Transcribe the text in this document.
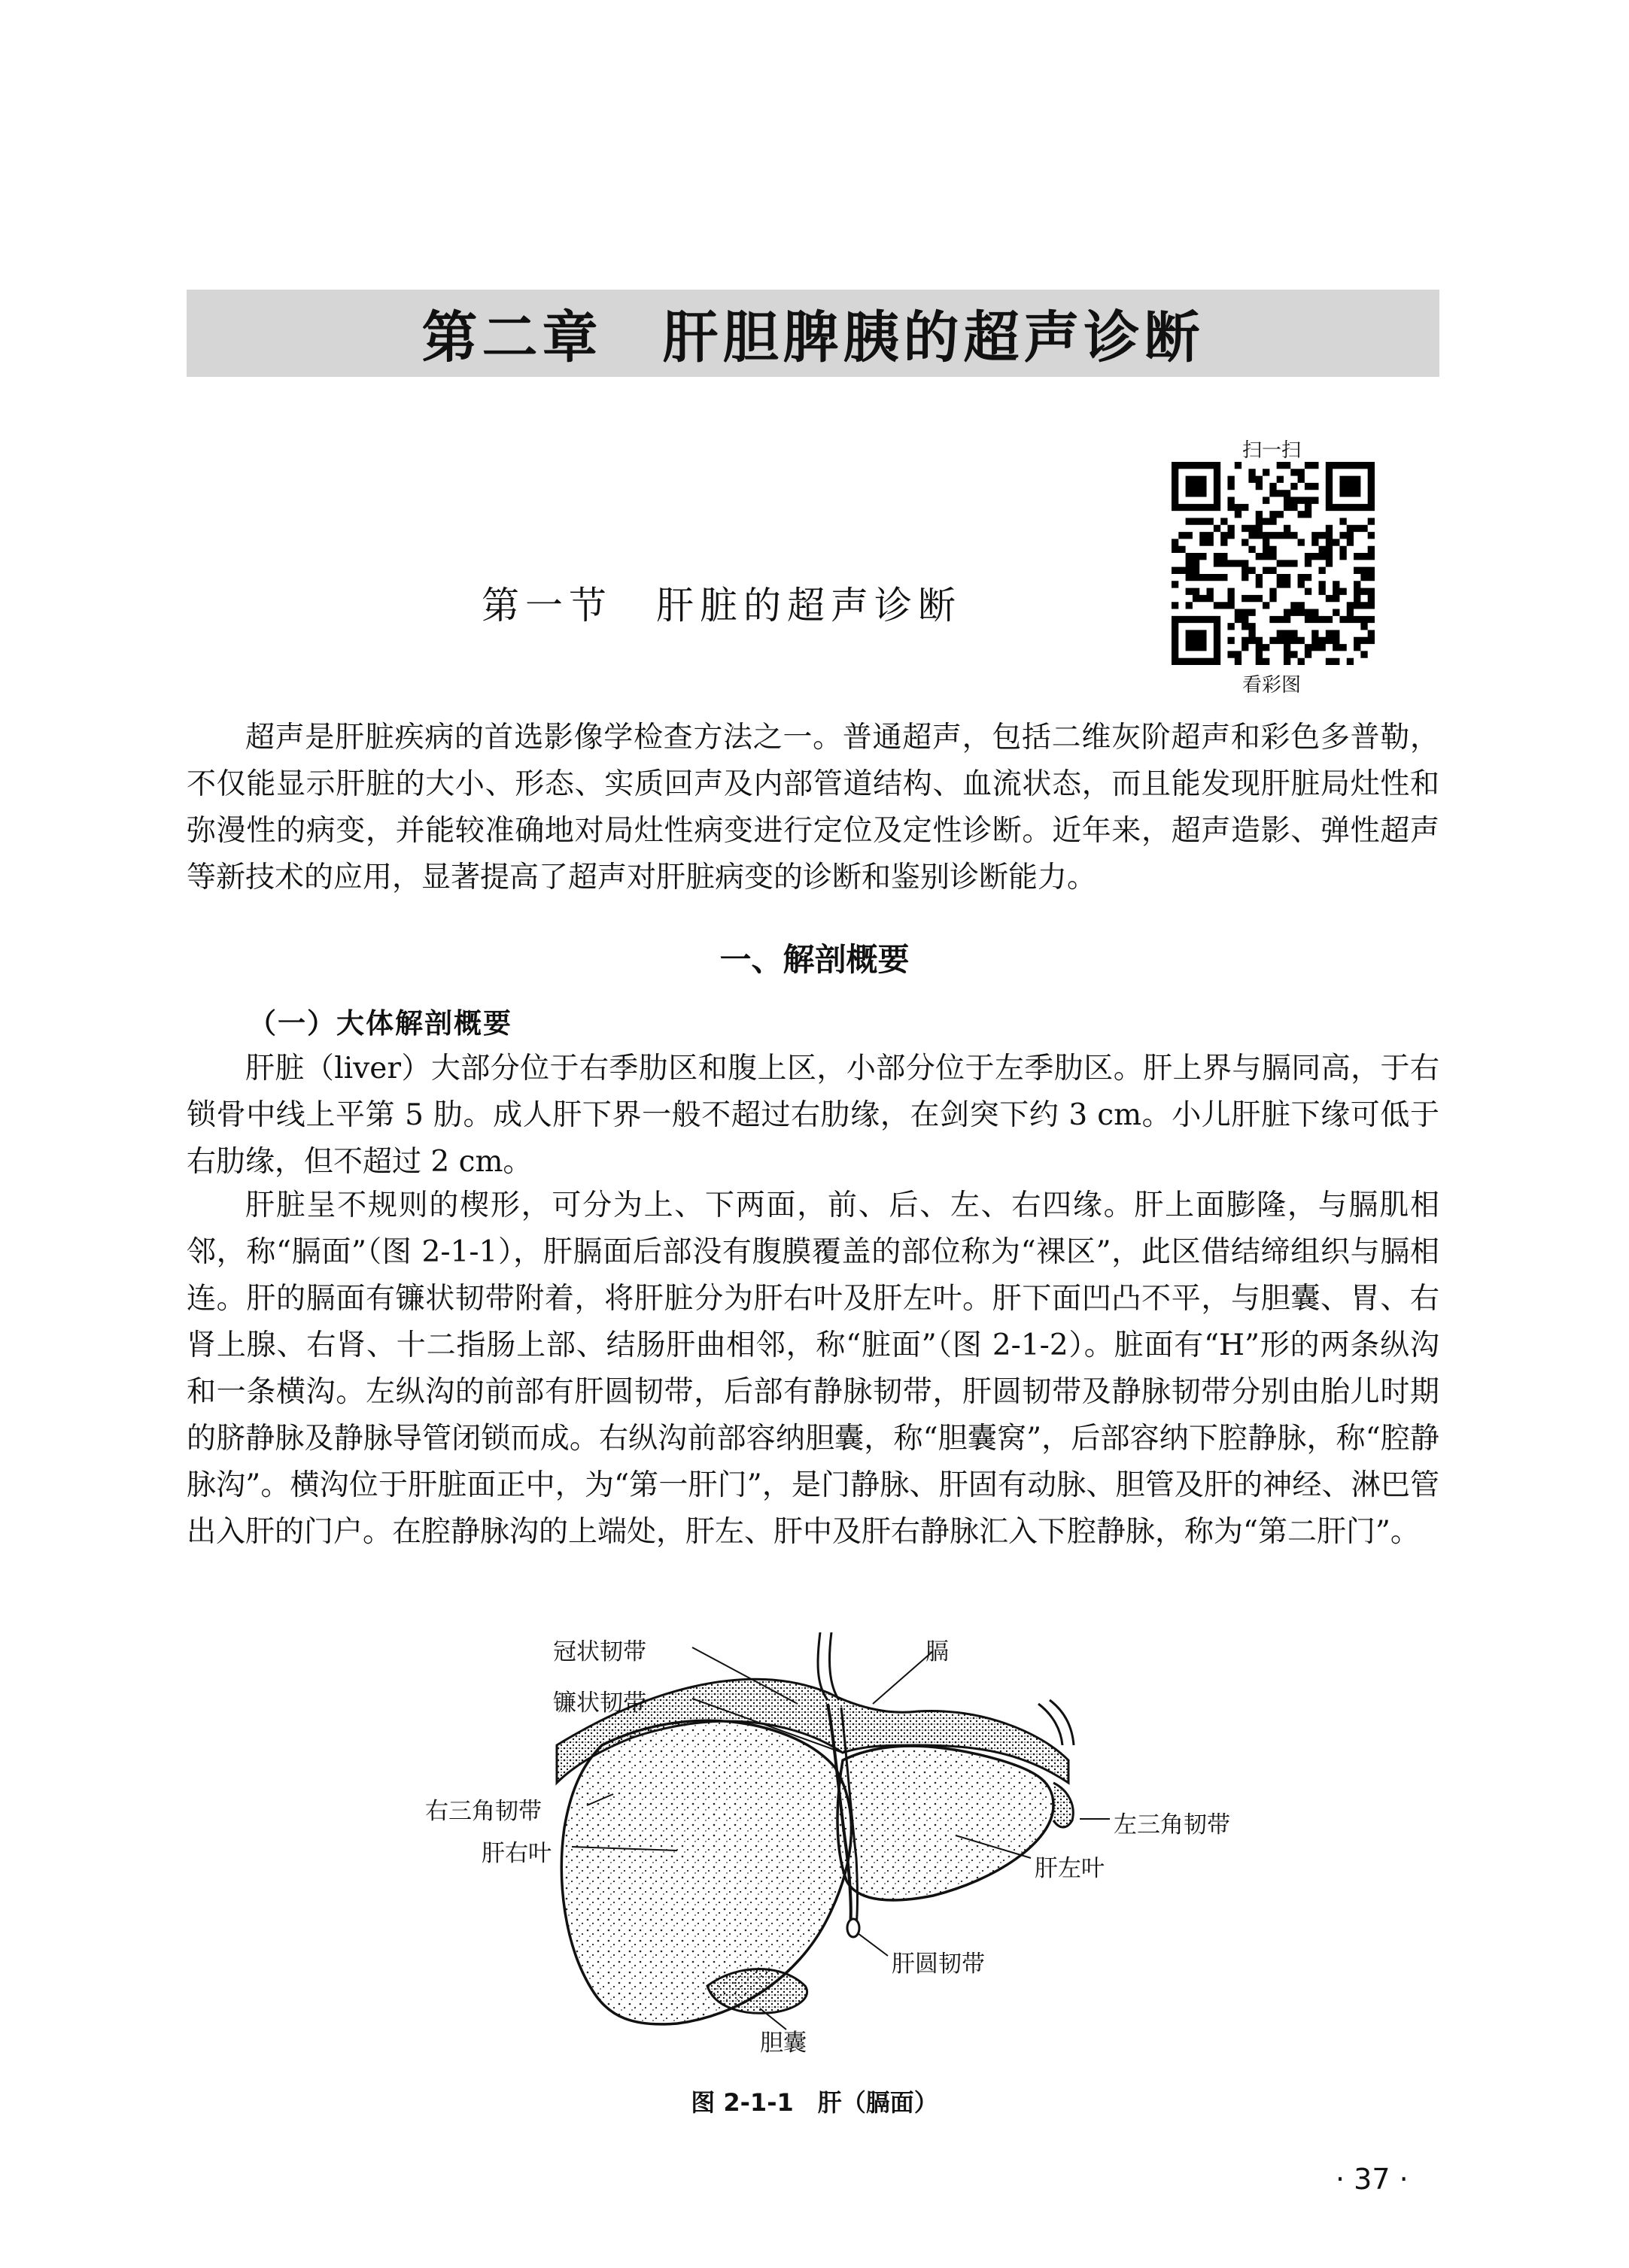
第二章　肝胆脾胰的超声诊断
第一节　肝脏的超声诊断
扫一扫
看彩图
超声是肝脏疾病的首选影像学检查方法之一。普通超声，包括二维灰阶超声和彩色多普勒，不仅能显示肝脏的大小、形态、实质回声及内部管道结构、血流状态，而且能发现肝脏局灶性和弥漫性的病变，并能较准确地对局灶性病变进行定位及定性诊断。近年来，超声造影、弹性超声等新技术的应用，显著提高了超声对肝脏病变的诊断和鉴别诊断能力。
一、解剖概要
（一）大体解剖概要
肝脏（liver）大部分位于右季肋区和腹上区，小部分位于左季肋区。肝上界与膈同高，于右锁骨中线上平第 5 肋。成人肝下界一般不超过右肋缘，在剑突下约 3 cm。小儿肝脏下缘可低于右肋缘，但不超过 2 cm。
肝脏呈不规则的楔形，可分为上、下两面，前、后、左、右四缘。肝上面膨隆，与膈肌相邻，称“膈面”（图 2-1-1），肝膈面后部没有腹膜覆盖的部位称为“裸区”，此区借结缔组织与膈相连。肝的膈面有镰状韧带附着，将肝脏分为肝右叶及肝左叶。肝下面凹凸不平，与胆囊、胃、右肾上腺、右肾、十二指肠上部、结肠肝曲相邻，称“脏面”（图 2-1-2）。脏面有“H”形的两条纵沟和一条横沟。左纵沟的前部有肝圆韧带，后部有静脉韧带，肝圆韧带及静脉韧带分别由胎儿时期的脐静脉及静脉导管闭锁而成。右纵沟前部容纳胆囊，称“胆囊窝”，后部容纳下腔静脉，称“腔静脉沟”。横沟位于肝脏面正中，为“第一肝门”，是门静脉、肝固有动脉、胆管及肝的神经、淋巴管出入肝的门户。在腔静脉沟的上端处，肝左、肝中及肝右静脉汇入下腔静脉，称为“第二肝门”。
冠状韧带
镰状韧带
膈
右三角韧带
肝右叶
左三角韧带
肝左叶
肝圆韧带
胆囊
图 2-1-1　肝（膈面）
· 37 ·
